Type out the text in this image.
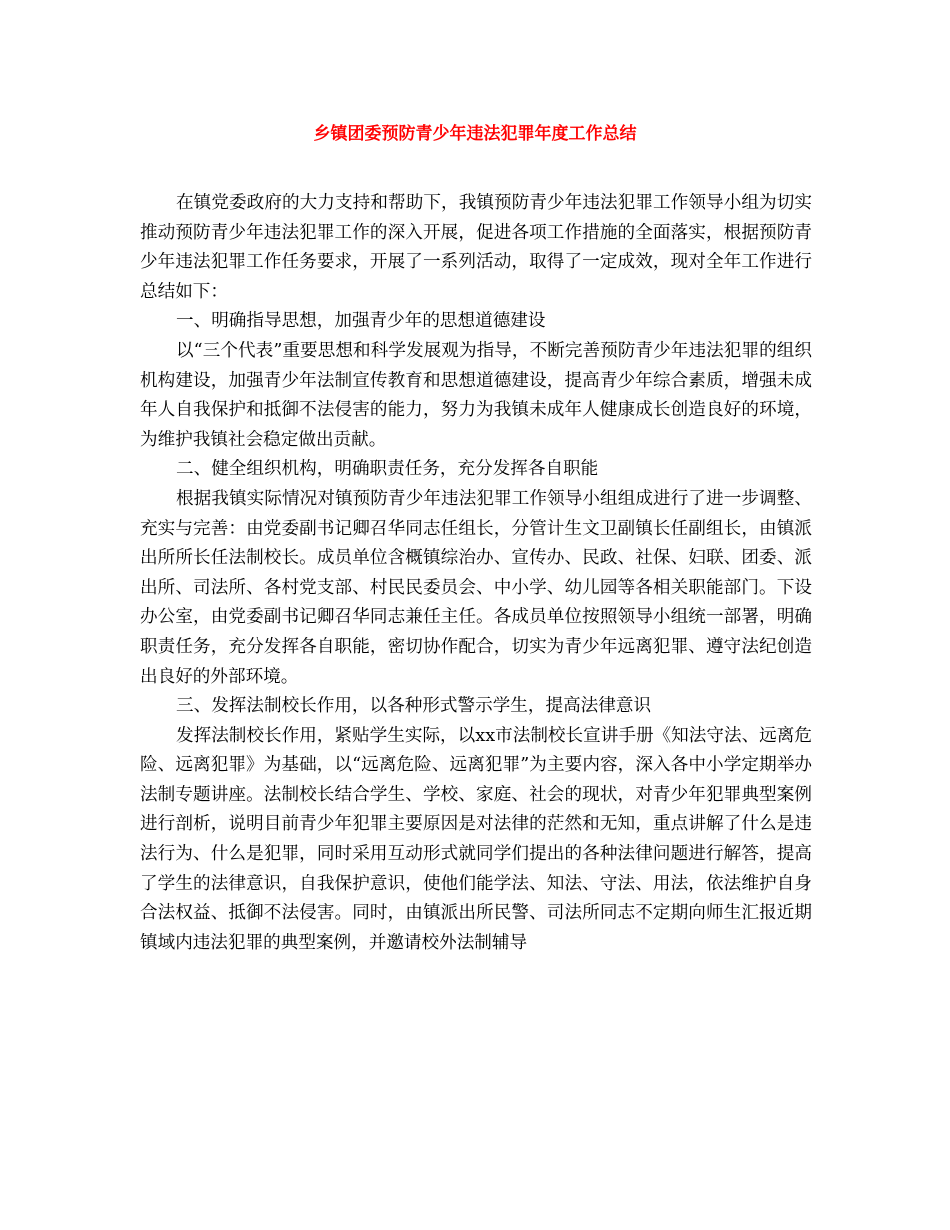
乡镇团委预防青少年违法犯罪年度工作总结

在镇党委政府的大力支持和帮助下，我镇预防青少年违法犯罪工作领导小组为切实推动预防青少年违法犯罪工作的深入开展，促进各项工作措施的全面落实，根据预防青少年违法犯罪工作任务要求，开展了一系列活动，取得了一定成效，现对全年工作进行总结如下：

一、明确指导思想，加强青少年的思想道德建设

以“三个代表”重要思想和科学发展观为指导，不断完善预防青少年违法犯罪的组织机构建设，加强青少年法制宣传教育和思想道德建设，提高青少年综合素质，增强未成年人自我保护和抵御不法侵害的能力，努力为我镇未成年人健康成长创造良好的环境，为维护我镇社会稳定做出贡献。

二、健全组织机构，明确职责任务，充分发挥各自职能

根据我镇实际情况对镇预防青少年违法犯罪工作领导小组组成进行了进一步调整、充实与完善：由党委副书记卿召华同志任组长，分管计生文卫副镇长任副组长，由镇派出所所长任法制校长。成员单位含概镇综治办、宣传办、民政、社保、妇联、团委、派出所、司法所、各村党支部、村民民委员会、中小学、幼儿园等各相关职能部门。下设办公室，由党委副书记卿召华同志兼任主任。各成员单位按照领导小组统一部署，明确职责任务，充分发挥各自职能，密切协作配合，切实为青少年远离犯罪、遵守法纪创造出良好的外部环境。

三、发挥法制校长作用，以各种形式警示学生，提高法律意识

发挥法制校长作用，紧贴学生实际，以xx市法制校长宣讲手册《知法守法、远离危险、远离犯罪》为基础，以“远离危险、远离犯罪”为主要内容，深入各中小学定期举办法制专题讲座。法制校长结合学生、学校、家庭、社会的现状，对青少年犯罪典型案例进行剖析，说明目前青少年犯罪主要原因是对法律的茫然和无知，重点讲解了什么是违法行为、什么是犯罪，同时采用互动形式就同学们提出的各种法律问题进行解答，提高了学生的法律意识，自我保护意识，使他们能学法、知法、守法、用法，依法维护自身合法权益、抵御不法侵害。同时，由镇派出所民警、司法所同志不定期向师生汇报近期镇域内违法犯罪的典型案例，并邀请校外法制辅导
